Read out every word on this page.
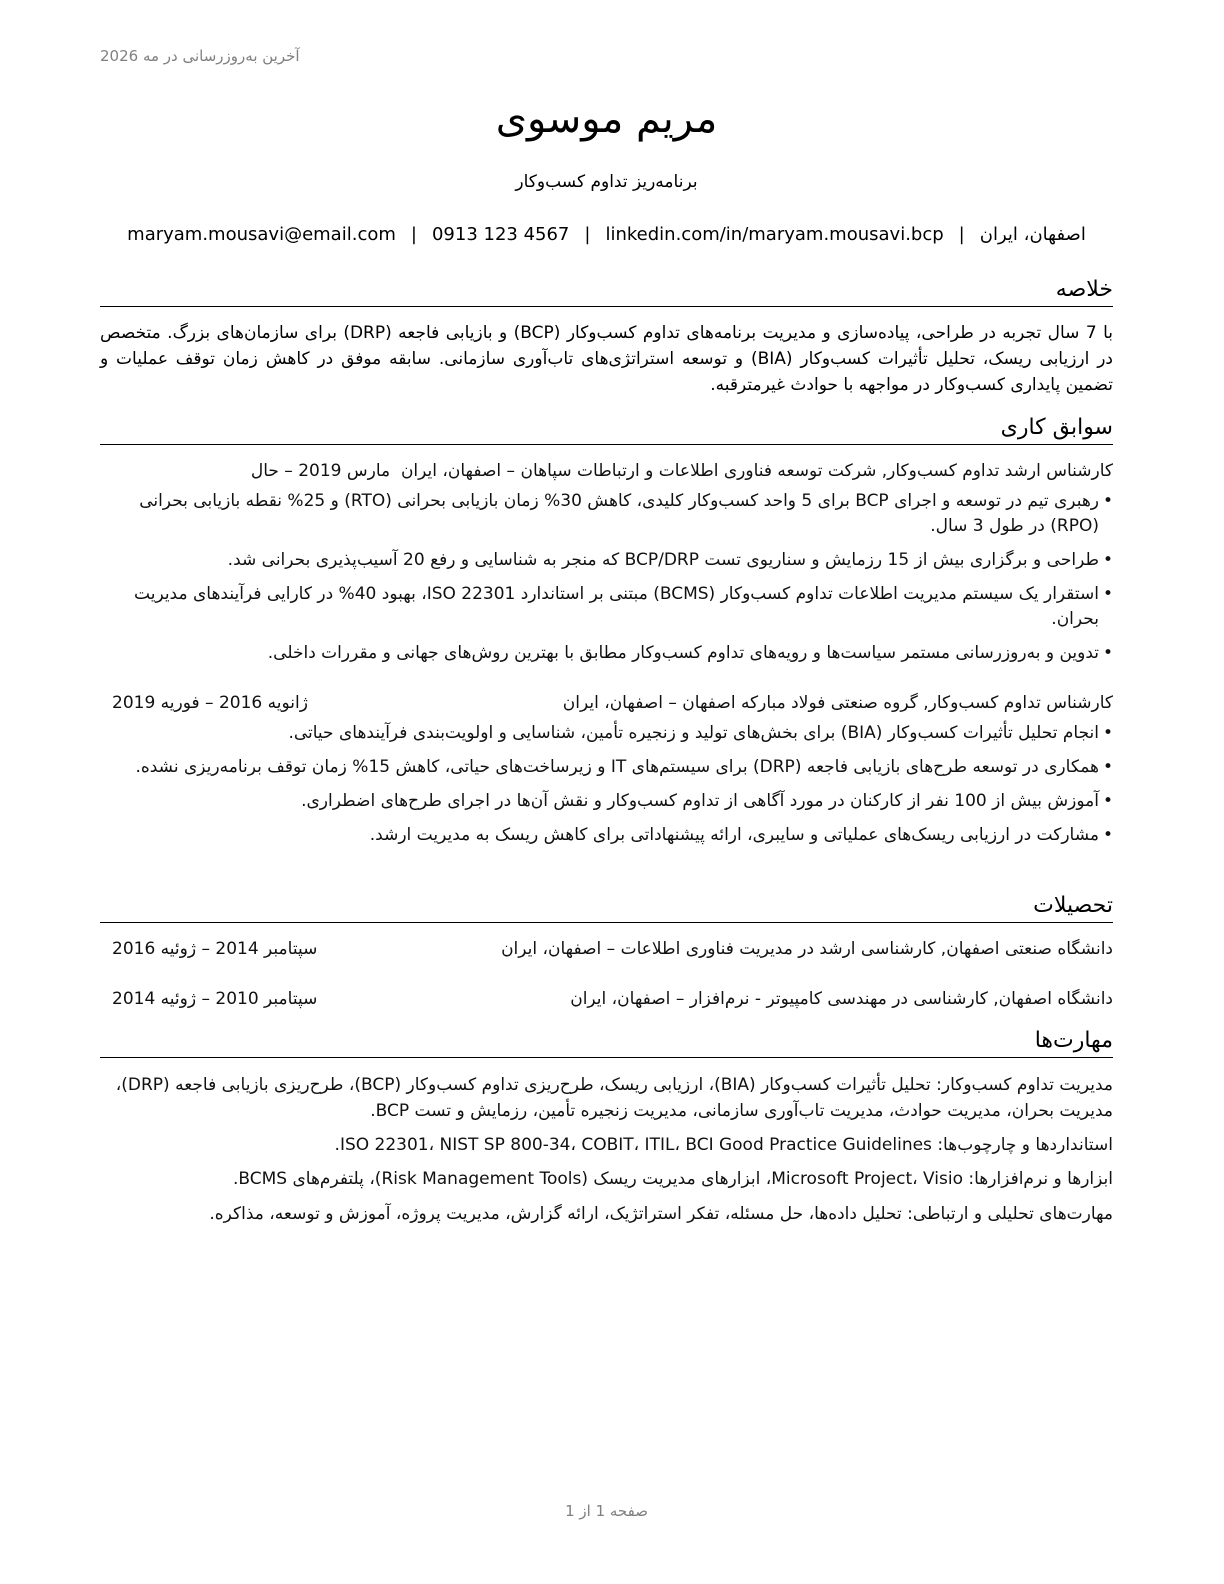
آخرین به‌روزرسانی در مه 2026
مریم موسوی
برنامه‌ریز تداوم کسب‌وکار
اصفهان، ایران|maryam.mousavi@email.com | 0913 123 4567 | linkedin.com/in/maryam.mousavi.bcp
خلاصه
با 7 سال تجربه در طراحی، پیاده‌سازی و مدیریت برنامه‌های تداوم کسب‌وکار (BCP) و بازیابی فاجعه (DRP) برای سازمان‌های بزرگ. متخصص در ارزیابی ریسک، تحلیل تأثیرات کسب‌وکار (BIA) و توسعه استراتژی‌های تاب‌آوری سازمانی. سابقه موفق در کاهش زمان توقف عملیات و تضمین پایداری کسب‌وکار در مواجهه با حوادث غیرمترقبه.
سوابق کاری
کارشناس ارشد تداوم کسب‌وکار, شرکت توسعه فناوری اطلاعات و ارتباطات سپاهان – اصفهان، ایران  مارس 2019 – حال
•
رهبری تیم در توسعه و اجرای BCP برای 5 واحد کسب‌وکار کلیدی، کاهش 30% زمان بازیابی بحرانی (RTO) و 25% نقطه بازیابی بحرانی (RPO) در طول 3 سال.
•
طراحی و برگزاری بیش از 15 رزمایش و سناریوی تست BCP/DRP که منجر به شناسایی و رفع 20 آسیب‌پذیری بحرانی شد.
•
استقرار یک سیستم مدیریت اطلاعات تداوم کسب‌وکار (BCMS) مبتنی بر استاندارد ISO 22301، بهبود 40% در کارایی فرآیندهای مدیریت بحران.
•
تدوین و به‌روزرسانی مستمر سیاست‌ها و رویه‌های تداوم کسب‌وکار مطابق با بهترین روش‌های جهانی و مقررات داخلی.
کارشناس تداوم کسب‌وکار, گروه صنعتی فولاد مبارکه اصفهان – اصفهان، ایران
ژانویه 2016 – فوریه 2019
•
انجام تحلیل تأثیرات کسب‌وکار (BIA) برای بخش‌های تولید و زنجیره تأمین، شناسایی و اولویت‌بندی فرآیندهای حیاتی.
•
همکاری در توسعه طرح‌های بازیابی فاجعه (DRP) برای سیستم‌های IT و زیرساخت‌های حیاتی، کاهش 15% زمان توقف برنامه‌ریزی نشده.
•
آموزش بیش از 100 نفر از کارکنان در مورد آگاهی از تداوم کسب‌وکار و نقش آن‌ها در اجرای طرح‌های اضطراری.
•
مشارکت در ارزیابی ریسک‌های عملیاتی و سایبری، ارائه پیشنهاداتی برای کاهش ریسک به مدیریت ارشد.
تحصیلات
دانشگاه صنعتی اصفهان, کارشناسی ارشد در مدیریت فناوری اطلاعات – اصفهان، ایران
سپتامبر 2014 – ژوئیه 2016
دانشگاه اصفهان, کارشناسی در مهندسی کامپیوتر - نرم‌افزار – اصفهان، ایران
سپتامبر 2010 – ژوئیه 2014
مهارت‌ها
مدیریت تداوم کسب‌وکار: تحلیل تأثیرات کسب‌وکار (BIA)، ارزیابی ریسک، طرح‌ریزی تداوم کسب‌وکار (BCP)، طرح‌ریزی بازیابی فاجعه (DRP)، مدیریت بحران، مدیریت حوادث، مدیریت تاب‌آوری سازمانی، مدیریت زنجیره تأمین، رزمایش و تست BCP.
استانداردها و چارچوب‌ها: ISO 22301، NIST SP 800-34، COBIT، ITIL، BCI Good Practice Guidelines.
ابزارها و نرم‌افزارها: Microsoft Project، Visio، ابزارهای مدیریت ریسک (Risk Management Tools)، پلتفرم‌های BCMS.
مهارت‌های تحلیلی و ارتباطی: تحلیل داده‌ها، حل مسئله، تفکر استراتژیک، ارائه گزارش، مدیریت پروژه، آموزش و توسعه، مذاکره.
صفحه 1 از 1
